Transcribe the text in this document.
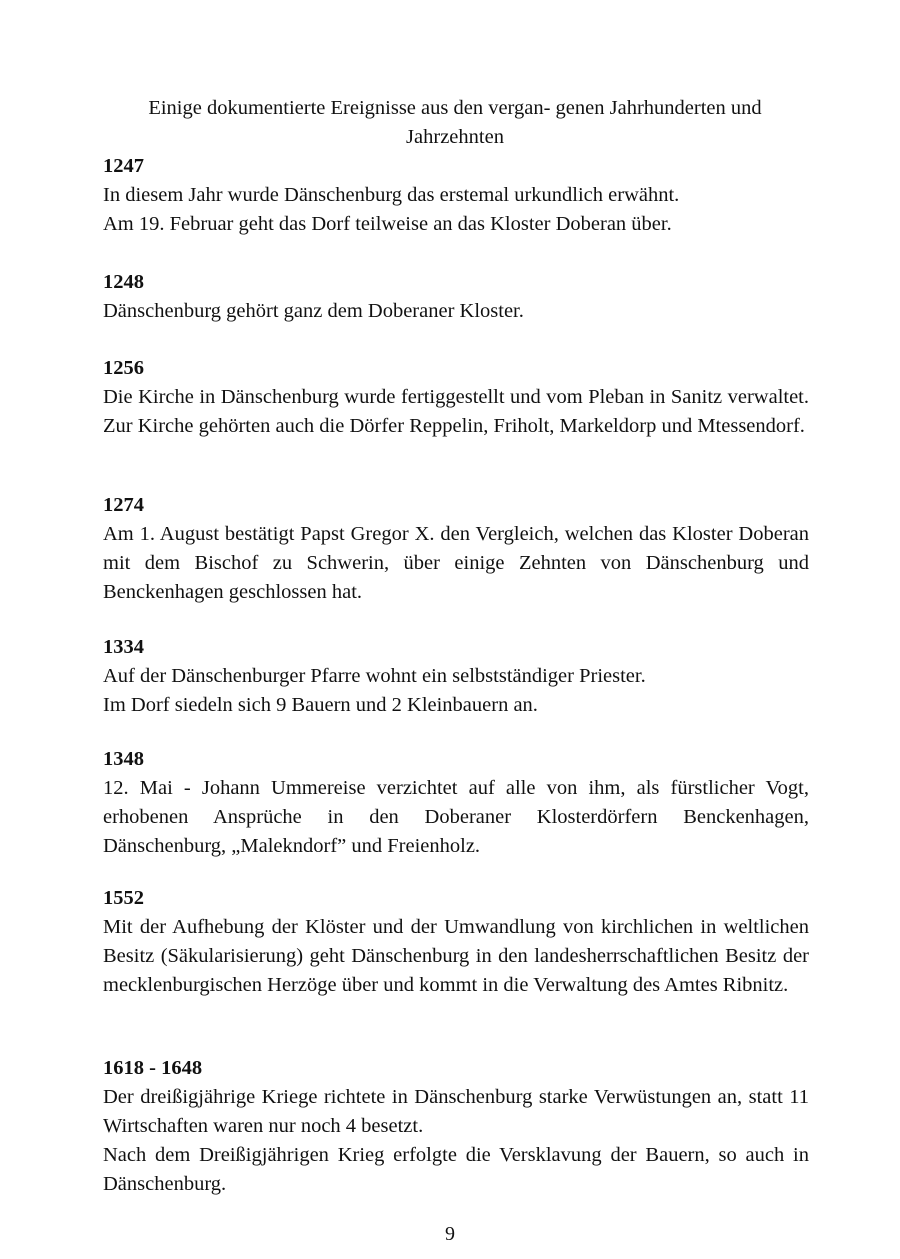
Einige dokumentierte Ereignisse aus den vergan- genen Jahrhunderten und Jahrzehnten
1247

In diesem Jahr wurde Dänschenburg das erstemal urkundlich erwähnt.

Am 19. Februar geht das Dorf teilweise an das Kloster Doberan über.

1248

Dänschenburg gehört ganz dem Doberaner Kloster.

1256

Die Kirche in Dänschenburg wurde fertiggestellt und vom Pleban in Sanitz verwaltet. Zur Kirche gehörten auch die Dörfer Reppelin, Friholt, Markeldorp und Mtessendorf.

1274

Am 1. August bestätigt Papst Gregor X. den Vergleich, welchen das Kloster Doberan mit dem Bischof zu Schwerin, über einige Zehnten von Dänschenburg und Benckenhagen geschlossen hat.

1334

Auf der Dänschenburger Pfarre wohnt ein selbstständiger Priester.

Im Dorf siedeln sich 9 Bauern und 2 Kleinbauern an.

1348

12. Mai - Johann Ummereise verzichtet auf alle von ihm, als fürstlicher Vogt, erhobenen Ansprüche in den Doberaner Klosterdörfern Benckenhagen, Dänschenburg, „Malekndorf” und Freienholz.

1552

Mit der Aufhebung der Klöster und der Umwandlung von kirchlichen in weltlichen Besitz (Säkularisierung) geht Dänschenburg in den landesherrschaftlichen Besitz der mecklenburgischen Herzöge über und kommt in die Verwaltung des Amtes Ribnitz.

1618 - 1648

Der dreißigjährige Kriege richtete in Dänschenburg starke Verwüstungen an, statt 11 Wirtschaften waren nur noch 4 besetzt.

Nach dem Dreißigjährigen Krieg erfolgte die Versklavung der Bauern, so auch in Dänschenburg.

9
